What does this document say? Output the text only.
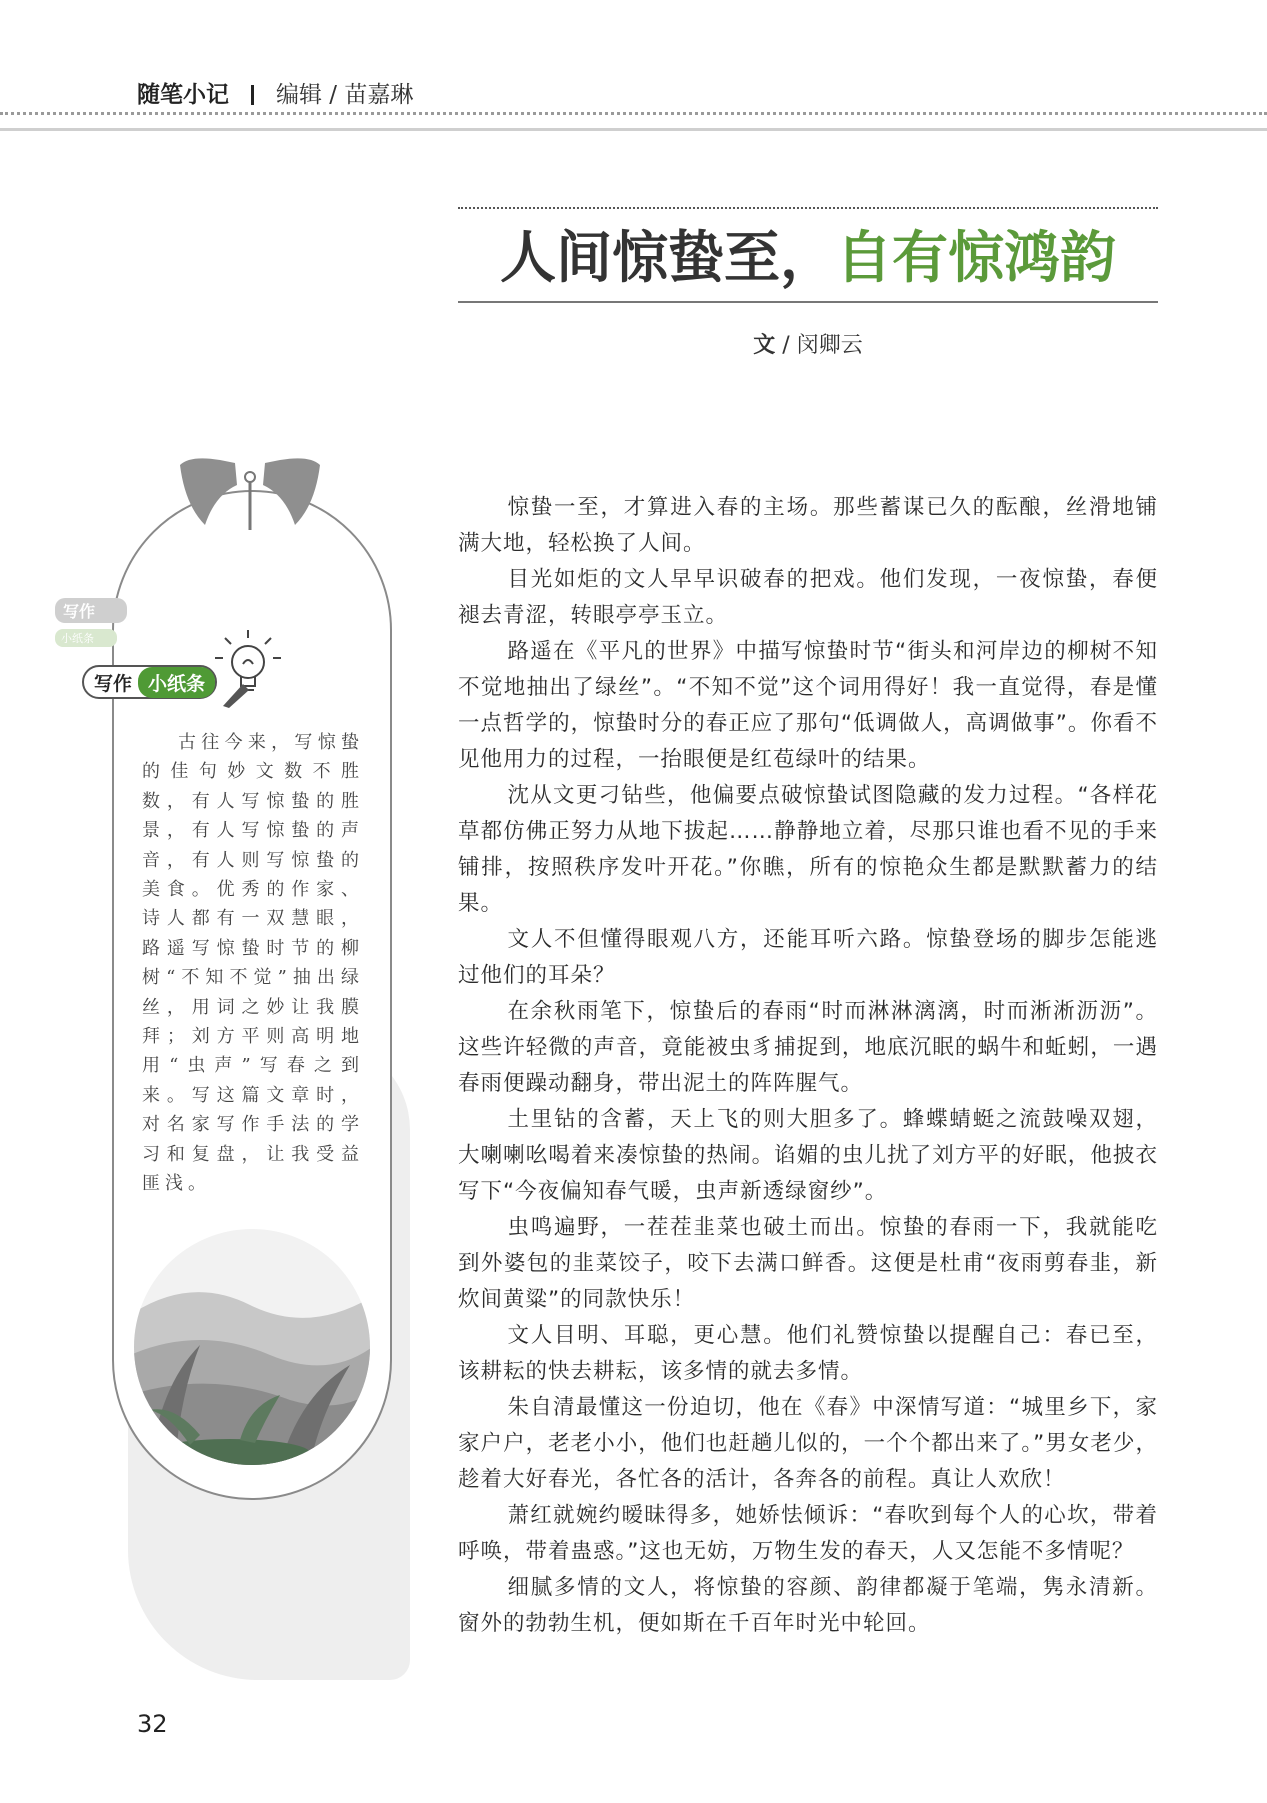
随笔小记 编辑 / 苗嘉琳
人间惊蛰至，自有惊鸿韵
文 / 闵卿云
写作
小纸条
写作 小纸条
古往今来，写惊蛰的佳句妙文数不胜数，有人写惊蛰的胜景，有人写惊蛰的声音，有人则写惊蛰的美食。优秀的作家、诗人都有一双慧眼，路遥写惊蛰时节的柳树“不知不觉”抽出绿丝，用词之妙让我膜拜；刘方平则高明地用“虫声”写春之到来。写这篇文章时，对名家写作手法的学习和复盘，让我受益匪浅。

惊蛰一至，才算进入春的主场。那些蓄谋已久的酝酿，丝滑地铺满大地，轻松换了人间。

目光如炬的文人早早识破春的把戏。他们发现，一夜惊蛰，春便褪去青涩，转眼亭亭玉立。

路遥在《平凡的世界》中描写惊蛰时节“街头和河岸边的柳树不知不觉地抽出了绿丝”。“不知不觉”这个词用得好！我一直觉得，春是懂一点哲学的，惊蛰时分的春正应了那句“低调做人，高调做事”。你看不见他用力的过程，一抬眼便是红苞绿叶的结果。

沈从文更刁钻些，他偏要点破惊蛰试图隐藏的发力过程。“各样花草都仿佛正努力从地下拔起……静静地立着，尽那只谁也看不见的手来铺排，按照秩序发叶开花。”你瞧，所有的惊艳众生都是默默蓄力的结果。

文人不但懂得眼观八方，还能耳听六路。惊蛰登场的脚步怎能逃过他们的耳朵？

在余秋雨笔下，惊蛰后的春雨“时而淋淋漓漓，时而淅淅沥沥”。这些许轻微的声音，竟能被虫豸捕捉到，地底沉眠的蜗牛和蚯蚓，一遇春雨便躁动翻身，带出泥土的阵阵腥气。

土里钻的含蓄，天上飞的则大胆多了。蜂蝶蜻蜓之流鼓噪双翅，大喇喇吆喝着来凑惊蛰的热闹。谄媚的虫儿扰了刘方平的好眠，他披衣写下“今夜偏知春气暖，虫声新透绿窗纱”。

虫鸣遍野，一茬茬韭菜也破土而出。惊蛰的春雨一下，我就能吃到外婆包的韭菜饺子，咬下去满口鲜香。这便是杜甫“夜雨剪春韭，新炊间黄粱”的同款快乐！

文人目明、耳聪，更心慧。他们礼赞惊蛰以提醒自己：春已至，该耕耘的快去耕耘，该多情的就去多情。

朱自清最懂这一份迫切，他在《春》中深情写道：“城里乡下，家家户户，老老小小，他们也赶趟儿似的，一个个都出来了。”男女老少，趁着大好春光，各忙各的活计，各奔各的前程。真让人欢欣！

萧红就婉约暧昧得多，她娇怯倾诉：“春吹到每个人的心坎，带着呼唤，带着蛊惑。”这也无妨，万物生发的春天，人又怎能不多情呢？

细腻多情的文人，将惊蛰的容颜、韵律都凝于笔端，隽永清新。窗外的勃勃生机，便如斯在千百年时光中轮回。

32
